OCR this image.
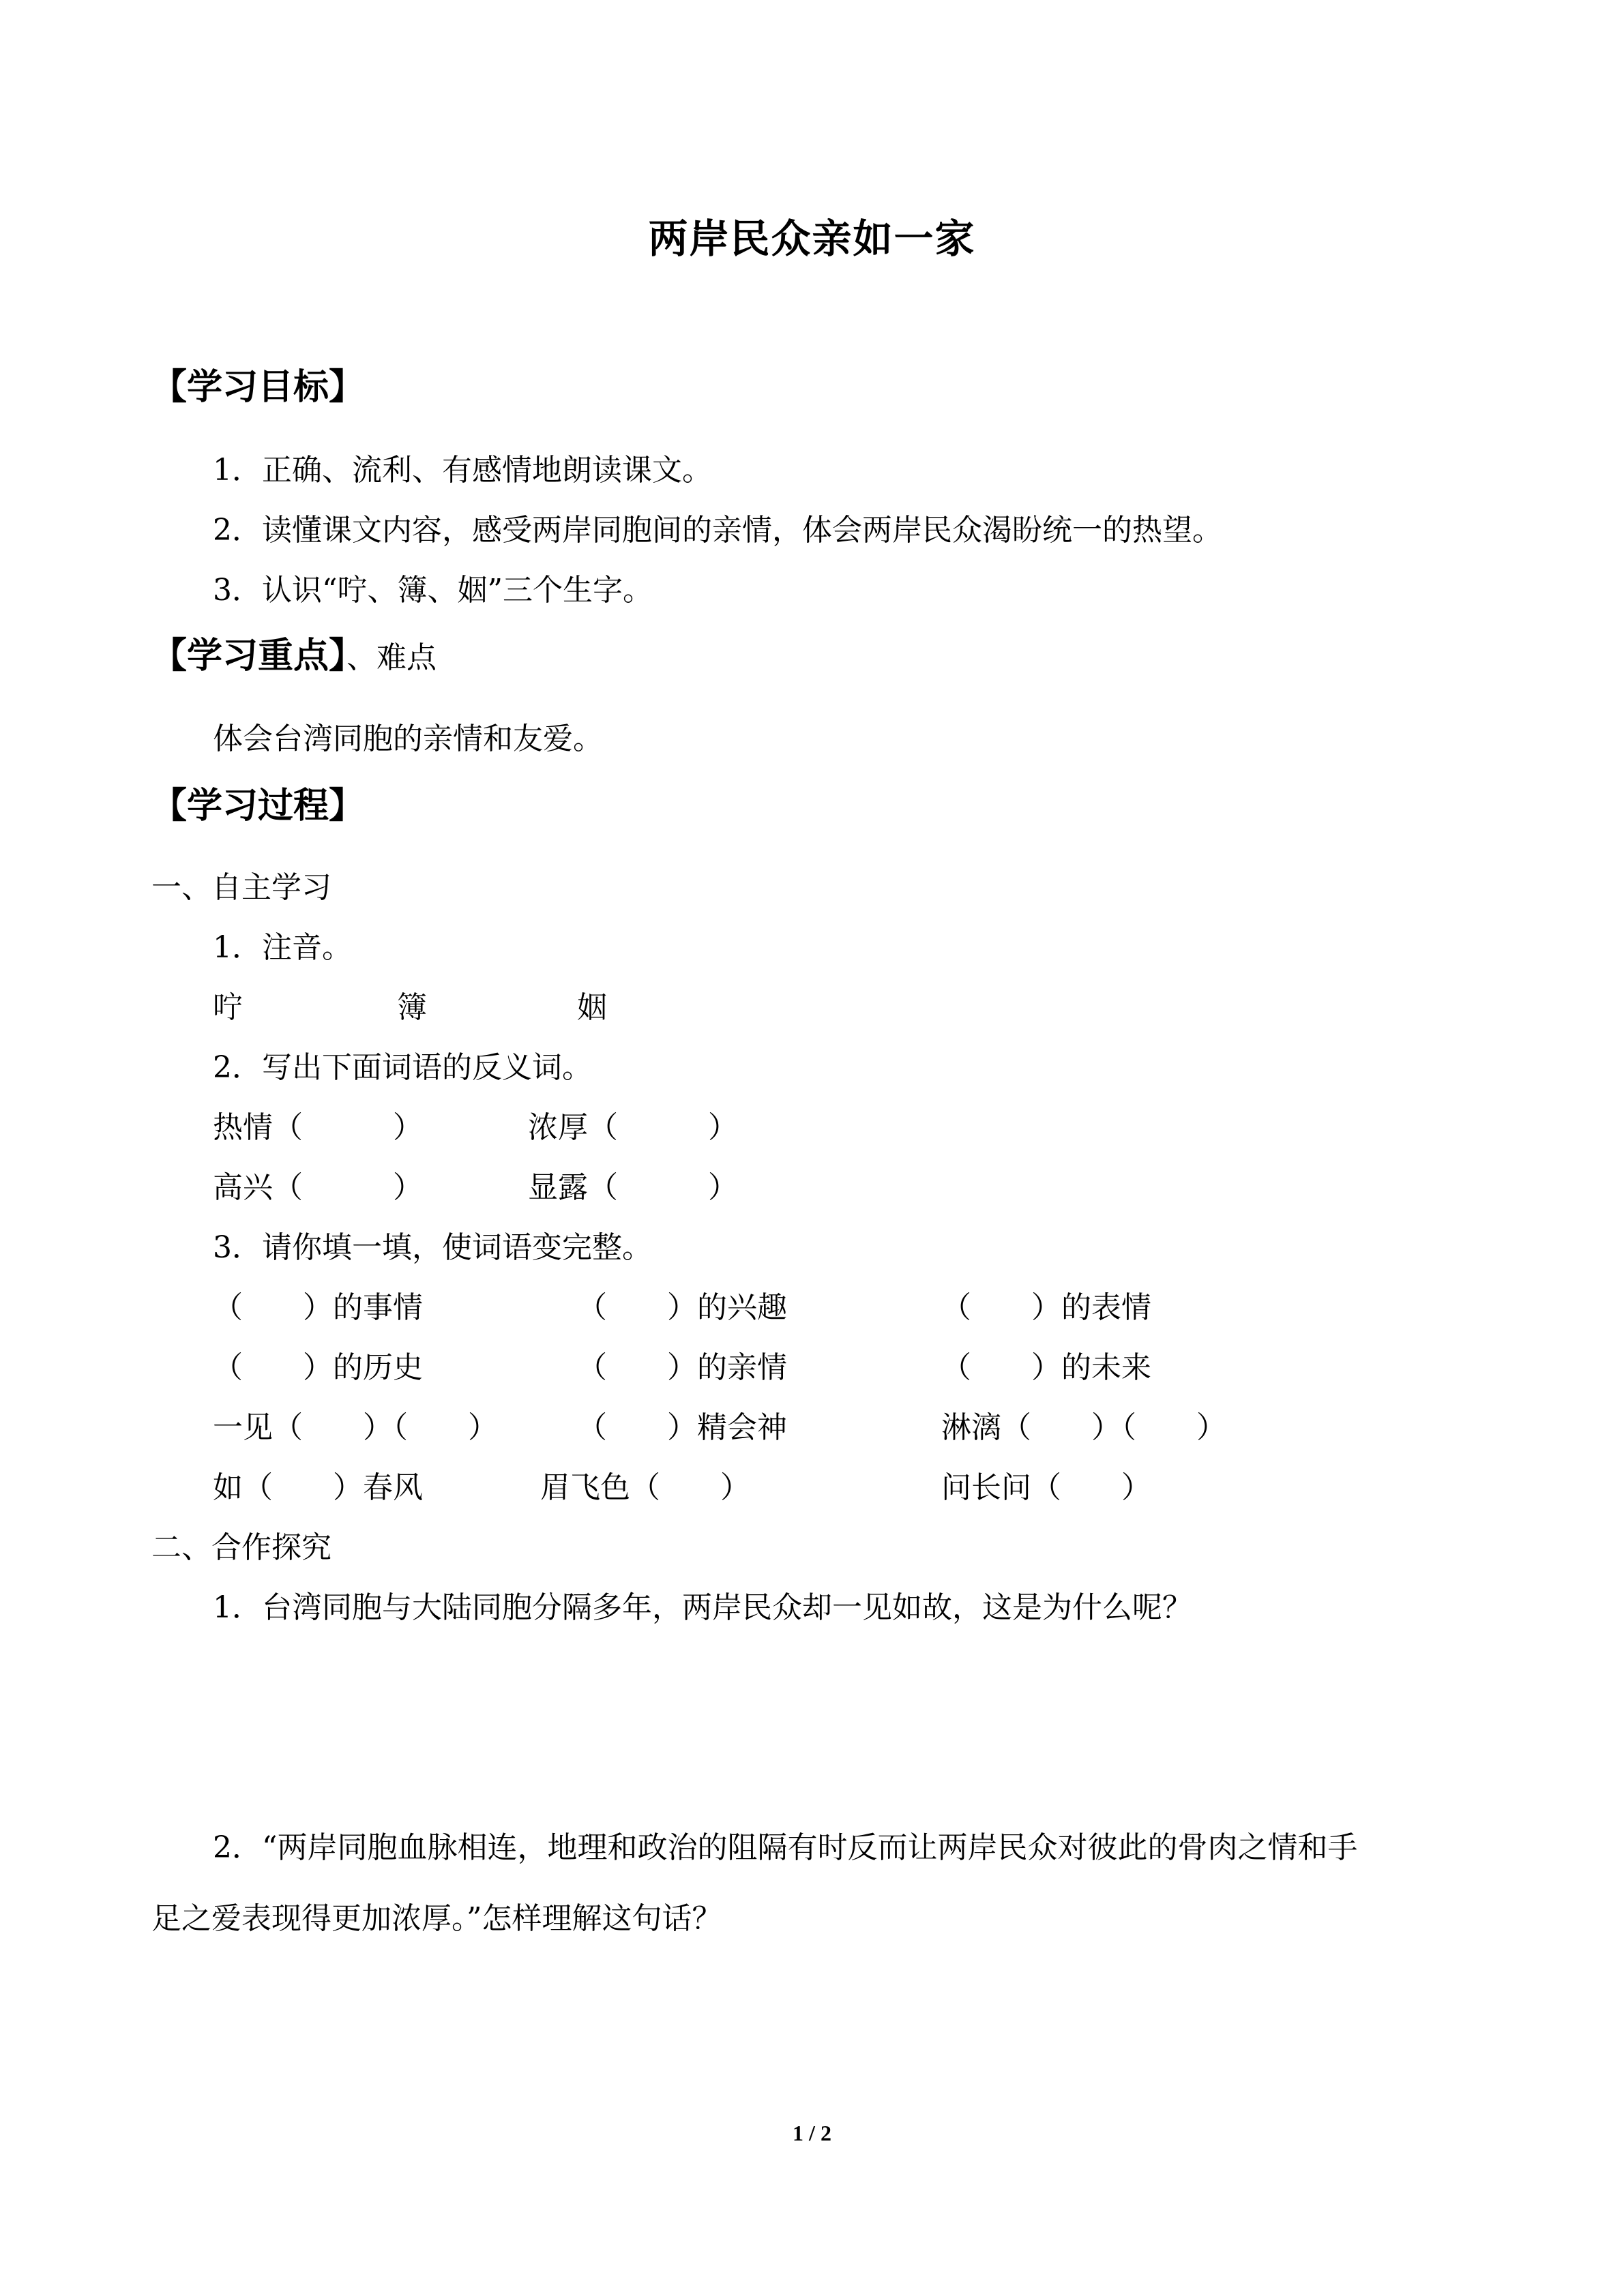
两岸民众亲如一家
【学习目标】
1．正确、流利、有感情地朗读课文。
2．读懂课文内容，感受两岸同胞间的亲情，体会两岸民众渴盼统一的热望。
3．认识“咛、簿、姻”三个生字。
【学习重点】、难点
体会台湾同胞的亲情和友爱。
【学习过程】
一、自主学习
1．注音。
咛	簿	姻
2．写出下面词语的反义词。
热情（　　　）	浓厚（　　　）
高兴（　　　）	显露（　　　）
3．请你填一填，使词语变完整。
（　　）的事情	（　　）的兴趣	（　　）的表情
（　　）的历史	（　　）的亲情	（　　）的未来
一见（　　）（　　）	（　　）精会神	淋漓（　　）（　　）
如（　　）春风	眉飞色（　　）	问长问（　　）
二、合作探究
1．台湾同胞与大陆同胞分隔多年，两岸民众却一见如故，这是为什么呢？
2．“两岸同胞血脉相连，地理和政治的阻隔有时反而让两岸民众对彼此的骨肉之情和手
足之爱表现得更加浓厚。”怎样理解这句话？
1 / 2
